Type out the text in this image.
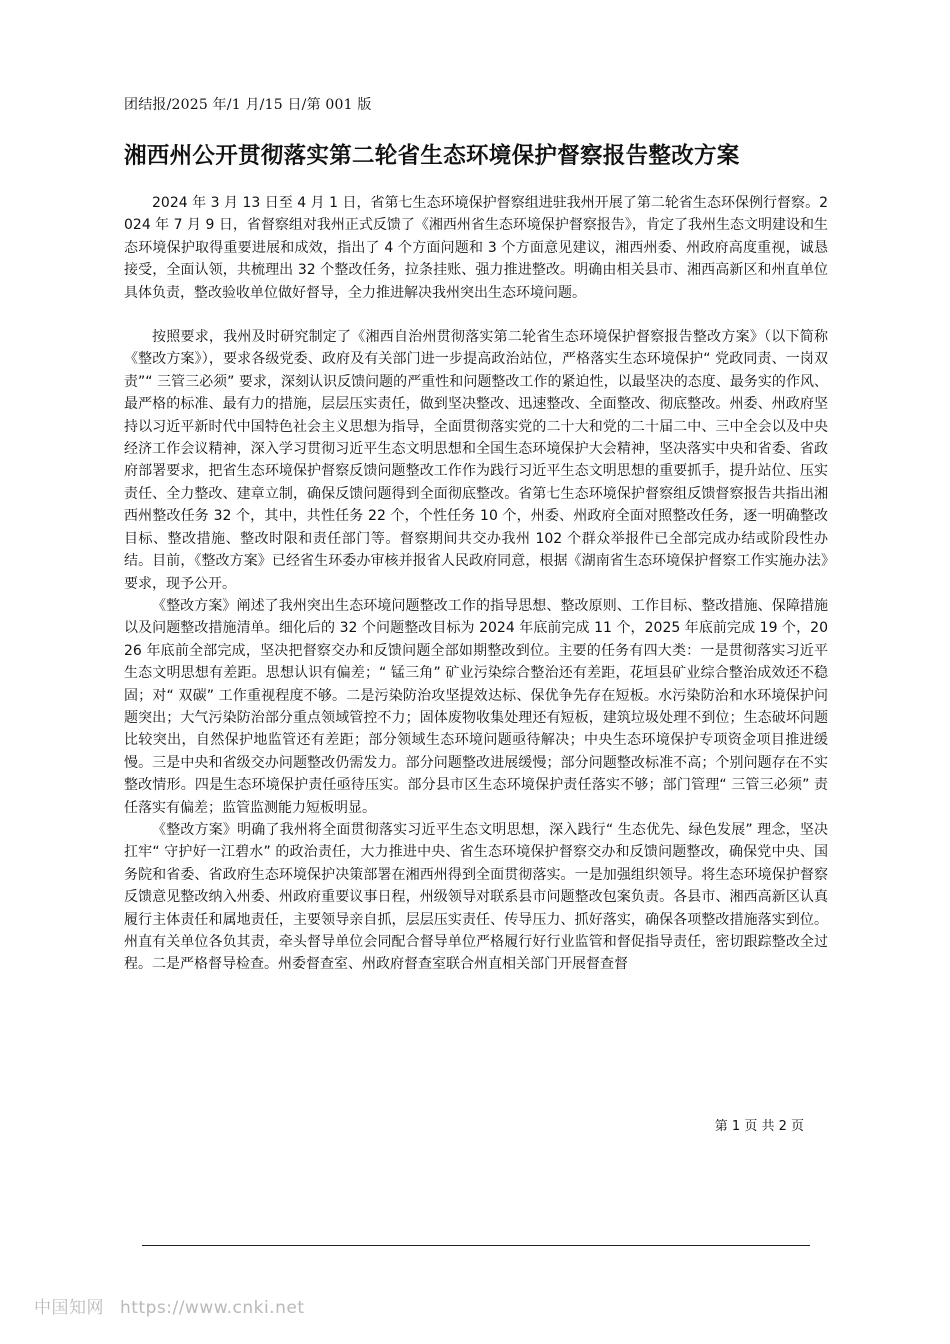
团结报/2025 年/1 月/15 日/第 001 版
湘西州公开贯彻落实第二轮省生态环境保护督察报告整改方案

2024 年 3 月 13 日至 4 月 1 日，省第七生态环境保护督察组进驻我州开展了第二轮省生态环保例行督察。2024 年 7 月 9 日，省督察组对我州正式反馈了《湘西州省生态环境保护督察报告》，肯定了我州生态文明建设和生态环境保护取得重要进展和成效，指出了 4 个方面问题和 3 个方面意见建议，湘西州委、州政府高度重视，诚恳接受，全面认领，共梳理出 32 个整改任务，拉条挂账、强力推进整改。明确由相关县市、湘西高新区和州直单位具体负责，整改验收单位做好督导，全力推进解决我州突出生态环境问题。

按照要求，我州及时研究制定了《湘西自治州贯彻落实第二轮省生态环境保护督察报告整改方案》（以下简称《整改方案》），要求各级党委、政府及有关部门进一步提高政治站位，严格落实生态环境保护“ 党政同责、一岗双责”“ 三管三必须” 要求，深刻认识反馈问题的严重性和问题整改工作的紧迫性，以最坚决的态度、最务实的作风、最严格的标准、最有力的措施，层层压实责任，做到坚决整改、迅速整改、全面整改、彻底整改。州委、州政府坚持以习近平新时代中国特色社会主义思想为指导，全面贯彻落实党的二十大和党的二十届二中、三中全会以及中央经济工作会议精神，深入学习贯彻习近平生态文明思想和全国生态环境保护大会精神，坚决落实中央和省委、省政府部署要求，把省生态环境保护督察反馈问题整改工作作为践行习近平生态文明思想的重要抓手，提升站位、压实责任、全力整改、建章立制，确保反馈问题得到全面彻底整改。省第七生态环境保护督察组反馈督察报告共指出湘西州整改任务 32 个，其中，共性任务 22 个，个性任务 10 个，州委、州政府全面对照整改任务，逐一明确整改目标、整改措施、整改时限和责任部门等。督察期间共交办我州 102 个群众举报件已全部完成办结或阶段性办结。目前，《整改方案》已经省生环委办审核并报省人民政府同意，根据《湖南省生态环境保护督察工作实施办法》要求，现予公开。

《整改方案》阐述了我州突出生态环境问题整改工作的指导思想、整改原则、工作目标、整改措施、保障措施以及问题整改措施清单。细化后的 32 个问题整改目标为 2024 年底前完成 11 个，2025 年底前完成 19 个，2026 年底前全部完成，坚决把督察交办和反馈问题全部如期整改到位。主要的任务有四大类：一是贯彻落实习近平生态文明思想有差距。思想认识有偏差；“ 锰三角” 矿业污染综合整治还有差距，花垣县矿业综合整治成效还不稳固；对“ 双碳” 工作重视程度不够。二是污染防治攻坚提效达标、保优争先存在短板。水污染防治和水环境保护问题突出；大气污染防治部分重点领域管控不力；固体废物收集处理还有短板，建筑垃圾处理不到位；生态破坏问题比较突出，自然保护地监管还有差距；部分领域生态环境问题亟待解决；中央生态环境保护专项资金项目推进缓慢。三是中央和省级交办问题整改仍需发力。部分问题整改进展缓慢；部分问题整改标准不高；个别问题存在不实整改情形。四是生态环境保护责任亟待压实。部分县市区生态环境保护责任落实不够；部门管理“ 三管三必须” 责任落实有偏差；监管监测能力短板明显。

《整改方案》明确了我州将全面贯彻落实习近平生态文明思想，深入践行“ 生态优先、绿色发展” 理念，坚决扛牢“ 守护好一江碧水” 的政治责任，大力推进中央、省生态环境保护督察交办和反馈问题整改，确保党中央、国务院和省委、省政府生态环境保护决策部署在湘西州得到全面贯彻落实。一是加强组织领导。将生态环境保护督察反馈意见整改纳入州委、州政府重要议事日程，州级领导对联系县市问题整改包案负责。各县市、湘西高新区认真履行主体责任和属地责任，主要领导亲自抓，层层压实责任、传导压力、抓好落实，确保各项整改措施落实到位。州直有关单位各负其责，牵头督导单位会同配合督导单位严格履行好行业监管和督促指导责任，密切跟踪整改全过程。二是严格督导检查。州委督查室、州政府督查室联合州直相关部门开展督查督

第 1 页 共 2 页
中国知网 https://www.cnki.net
